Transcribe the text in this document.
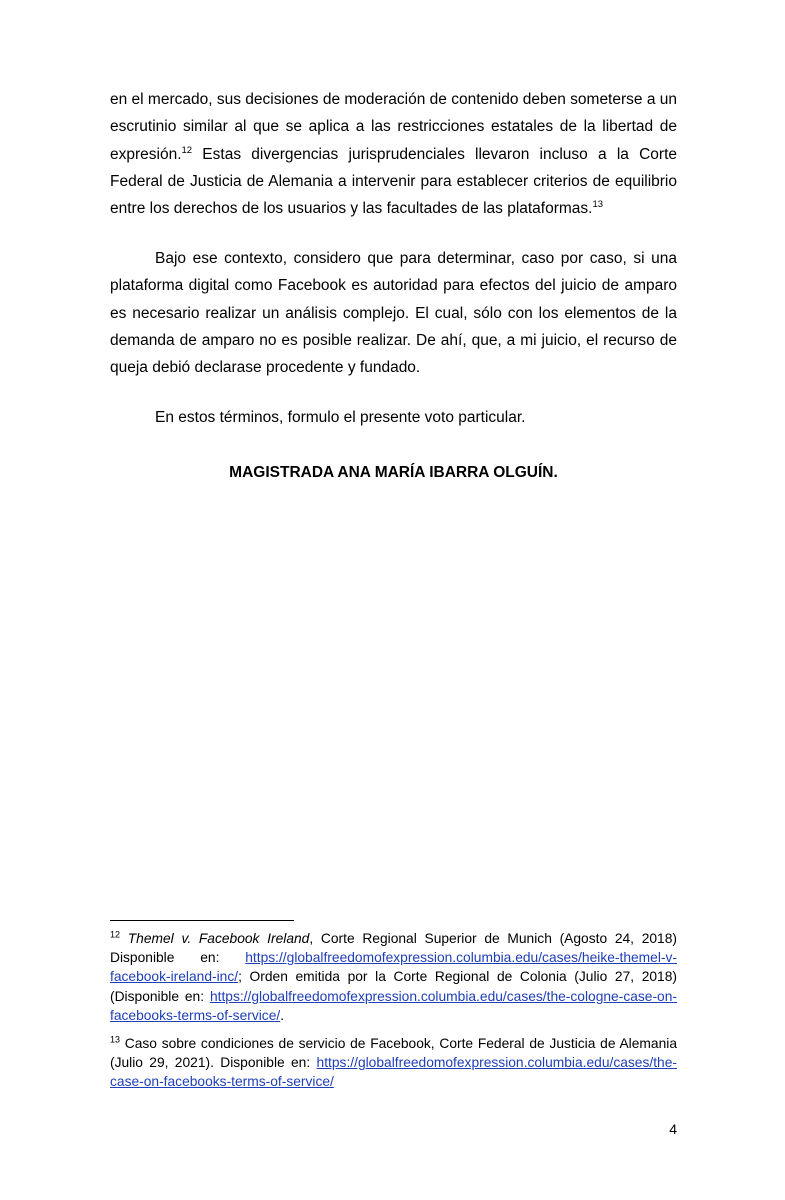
en el mercado, sus decisiones de moderación de contenido deben someterse a un escrutinio similar al que se aplica a las restricciones estatales de la libertad de expresión.$^{12}$ Estas divergencias jurisprudenciales llevaron incluso a la Corte Federal de Justicia de Alemania a intervenir para establecer criterios de equilibrio entre los derechos de los usuarios y las facultades de las plataformas.$^{13}$

Bajo ese contexto, considero que para determinar, caso por caso, si una plataforma digital como Facebook es autoridad para efectos del juicio de amparo es necesario realizar un análisis complejo. El cual, sólo con los elementos de la demanda de amparo no es posible realizar. De ahí, que, a mi juicio, el recurso de queja debió declarase procedente y fundado.

En estos términos, formulo el presente voto particular.

MAGISTRADA ANA MARÍA IBARRA OLGUÍN.

$^{12}$ Themel v. Facebook Ireland, Corte Regional Superior de Munich (Agosto 24, 2018) Disponible en: https://globalfreedomofexpression.columbia.edu/cases/heike-themel-v-facebook-ireland-inc/; Orden emitida por la Corte Regional de Colonia (Julio 27, 2018) (Disponible en: https://globalfreedomofexpression.columbia.edu/cases/the-cologne-case-on-facebooks-terms-of-service/.

$^{13}$ Caso sobre condiciones de servicio de Facebook, Corte Federal de Justicia de Alemania (Julio 29, 2021). Disponible en: https://globalfreedomofexpression.columbia.edu/cases/the-case-on-facebooks-terms-of-service/

4
